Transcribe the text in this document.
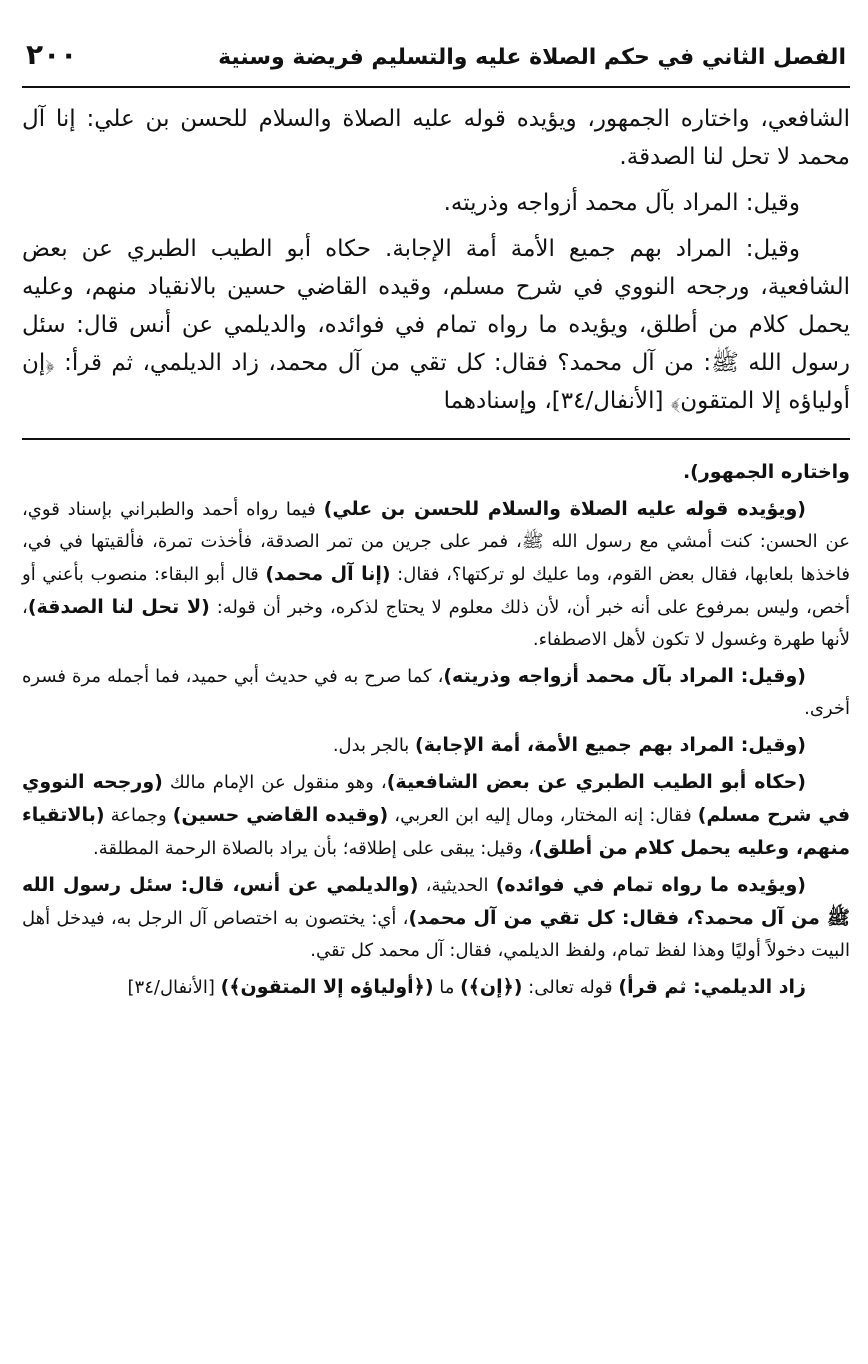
الفصل الثاني في حكم الصلاة عليه والتسليم فريضة وسنية
٢٠٠

الشافعي، واختاره الجمهور، ويؤيده قوله عليه الصلاة والسلام للحسن بن علي: إنا آل محمد لا تحل لنا الصدقة.

وقيل: المراد بآل محمد أزواجه وذريته.

وقيل: المراد بهم جميع الأمة أمة الإجابة. حكاه أبو الطيب الطبري عن بعض الشافعية، ورجحه النووي في شرح مسلم، وقيده القاضي حسين بالانقياد منهم، وعليه يحمل كلام من أطلق، ويؤيده ما رواه تمام في فوائده، والديلمي عن أنس قال: سئل رسول الله ﷺ: من آل محمد؟ فقال: كل تقي من آل محمد، زاد الديلمي، ثم قرأ: ﴿إن أولياؤه إلا المتقون﴾ [الأنفال/٣٤]، وإسنادهما

واختاره الجمهور).

(ويؤيده قوله عليه الصلاة والسلام للحسن بن علي) فيما رواه أحمد والطبراني بإسناد قوي، عن الحسن: كنت أمشي مع رسول الله ﷺ، فمر على جرين من تمر الصدقة، فأخذت تمرة، فألقيتها في في، فاخذها بلعابها، فقال بعض القوم، وما عليك لو تركتها؟، فقال: (إنا آل محمد) قال أبو البقاء: منصوب بأعني أو أخص، وليس بمرفوع على أنه خبر أن، لأن ذلك معلوم لا يحتاج لذكره، وخبر أن قوله: (لا تحل لنا الصدقة)، لأنها طهرة وغسول لا تكون لأهل الاصطفاء.

(وقيل: المراد بآل محمد أزواجه وذريته)، كما صرح به في حديث أبي حميد، فما أجمله مرة فسره أخرى.

(وقيل: المراد بهم جميع الأمة، أمة الإجابة) بالجر بدل.

(حكاه أبو الطيب الطبري عن بعض الشافعية)، وهو منقول عن الإمام مالك (ورجحه النووي في شرح مسلم) فقال: إنه المختار، ومال إليه ابن العربي، (وقيده القاضي حسين) وجماعة (بالاتقياء منهم، وعليه يحمل كلام من أطلق)، وقيل: يبقى على إطلاقه؛ بأن يراد بالصلاة الرحمة المطلقة.

(ويؤيده ما رواه تمام في فوائده) الحديثية، (والديلمي عن أنس، قال: سئل رسول الله ﷺ من آل محمد؟، فقال: كل تقي من آل محمد)، أي: يختصون به اختصاص آل الرجل به، فيدخل أهل البيت دخولاً أوليًا وهذا لفظ تمام، ولفظ الديلمي، فقال: آل محمد كل تقي.

زاد الديلمي: ثم قرأ) قوله تعالى: (﴿إن﴾) ما (﴿أولياؤه إلا المتقون﴾) [الأنفال/٣٤]
